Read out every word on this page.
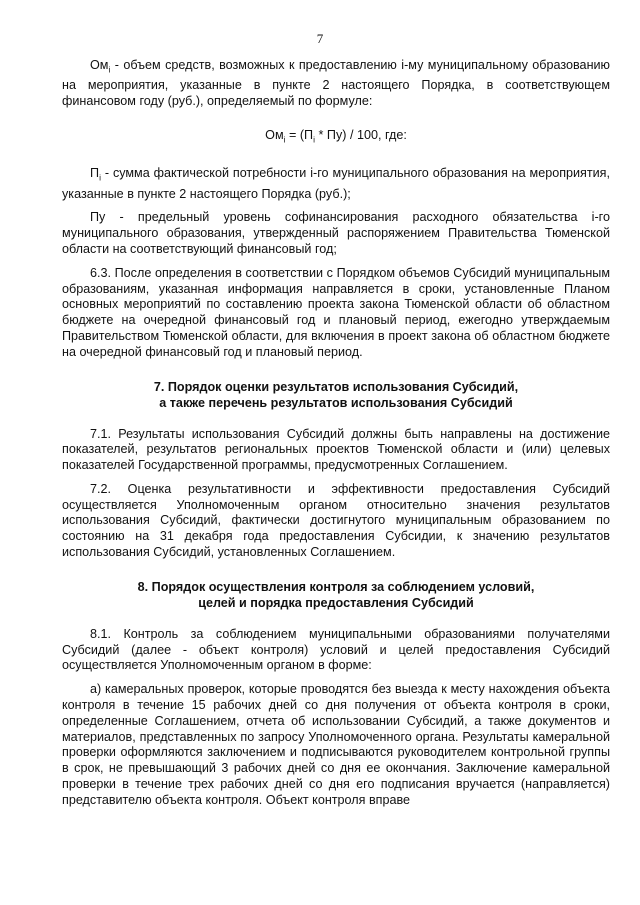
7

$Ом_i$ - объем средств, возможных к предоставлению i-му муниципальному образованию на мероприятия, указанные в пункте 2 настоящего Порядка, в соответствующем финансовом году (руб.), определяемый по формуле:

$Ом_i = (П_i * Пу) / 100$, где:

$П_i$ - сумма фактической потребности i-го муниципального образования на мероприятия, указанные в пункте 2 настоящего Порядка (руб.);

Пу - предельный уровень софинансирования расходного обязательства i-го муниципального образования, утвержденный распоряжением Правительства Тюменской области на соответствующий финансовый год;

6.3. После определения в соответствии с Порядком объемов Субсидий муниципальным образованиям, указанная информация направляется в сроки, установленные Планом основных мероприятий по составлению проекта закона Тюменской области об областном бюджете на очередной финансовый год и плановый период, ежегодно утверждаемым Правительством Тюменской области, для включения в проект закона об областном бюджете на очередной финансовый год и плановый период.

7. Порядок оценки результатов использования Субсидий,
а также перечень результатов использования Субсидий

7.1. Результаты использования Субсидий должны быть направлены на достижение показателей, результатов региональных проектов Тюменской области и (или) целевых показателей Государственной программы, предусмотренных Соглашением.

7.2. Оценка результативности и эффективности предоставления Субсидий осуществляется Уполномоченным органом относительно значения результатов использования Субсидий, фактически достигнутого муниципальным образованием по состоянию на 31 декабря года предоставления Субсидии, к значению результатов использования Субсидий, установленных Соглашением.

8. Порядок осуществления контроля за соблюдением условий,
целей и порядка предоставления Субсидий

8.1. Контроль за соблюдением муниципальными образованиями получателями Субсидий (далее - объект контроля) условий и целей предоставления Субсидий осуществляется Уполномоченным органом в форме:

а) камеральных проверок, которые проводятся без выезда к месту нахождения объекта контроля в течение 15 рабочих дней со дня получения от объекта контроля в сроки, определенные Соглашением, отчета об использовании Субсидий, а также документов и материалов, представленных по запросу Уполномоченного органа. Результаты камеральной проверки оформляются заключением и подписываются руководителем контрольной группы в срок, не превышающий 3 рабочих дней со дня ее окончания. Заключение камеральной проверки в течение трех рабочих дней со дня его подписания вручается (направляется) представителю объекта контроля. Объект контроля вправе
